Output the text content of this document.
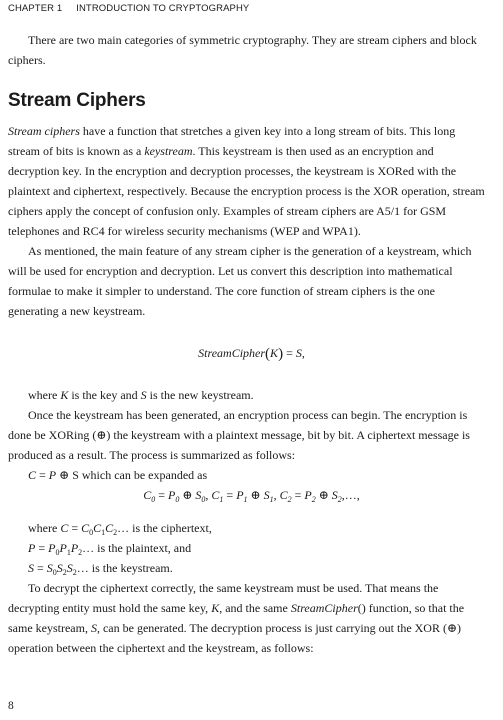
CHAPTER 1 INTRODUCTION TO CRYPTOGRAPHY

There are two main categories of symmetric cryptography. They are stream ciphers and block ciphers.

Stream Ciphers

Stream ciphers have a function that stretches a given key into a long stream of bits. This long stream of bits is known as a keystream. This keystream is then used as an encryption and decryption key. In the encryption and decryption processes, the keystream is XORed with the plaintext and ciphertext, respectively. Because the encryption process is the XOR operation, stream ciphers apply the concept of confusion only. Examples of stream ciphers are A5/1 for GSM telephones and RC4 for wireless security mechanisms (WEP and WPA1).

As mentioned, the main feature of any stream cipher is the generation of a keystream, which will be used for encryption and decryption. Let us convert this description into mathematical formulae to make it simpler to understand. The core function of stream ciphers is the one generating a new keystream.

StreamCipher(K) = S,

where K is the key and S is the new keystream.

Once the keystream has been generated, an encryption process can begin. The encryption is done be XORing (⊕) the keystream with a plaintext message, bit by bit. A ciphertext message is produced as a result. The process is summarized as follows:

C = P ⊕ S which can be expanded as

$C_0 = P_0$ ⊕ $S_0$, $C_1 = P_1$ ⊕ $S_1$, $C_2 = P_2$ ⊕ $S_2,\dots$,

where $C = C_0C_1C_2\dots$ is the ciphertext,

$P = P_0P_1P_2\dots$ is the plaintext, and

$S = S_0S_2S_2\dots$ is the keystream.

To decrypt the ciphertext correctly, the same keystream must be used. That means the decrypting entity must hold the same key, K, and the same StreamCipher() function, so that the same keystream, S, can be generated. The decryption process is just carrying out the XOR (⊕) operation between the ciphertext and the keystream, as follows:

8
